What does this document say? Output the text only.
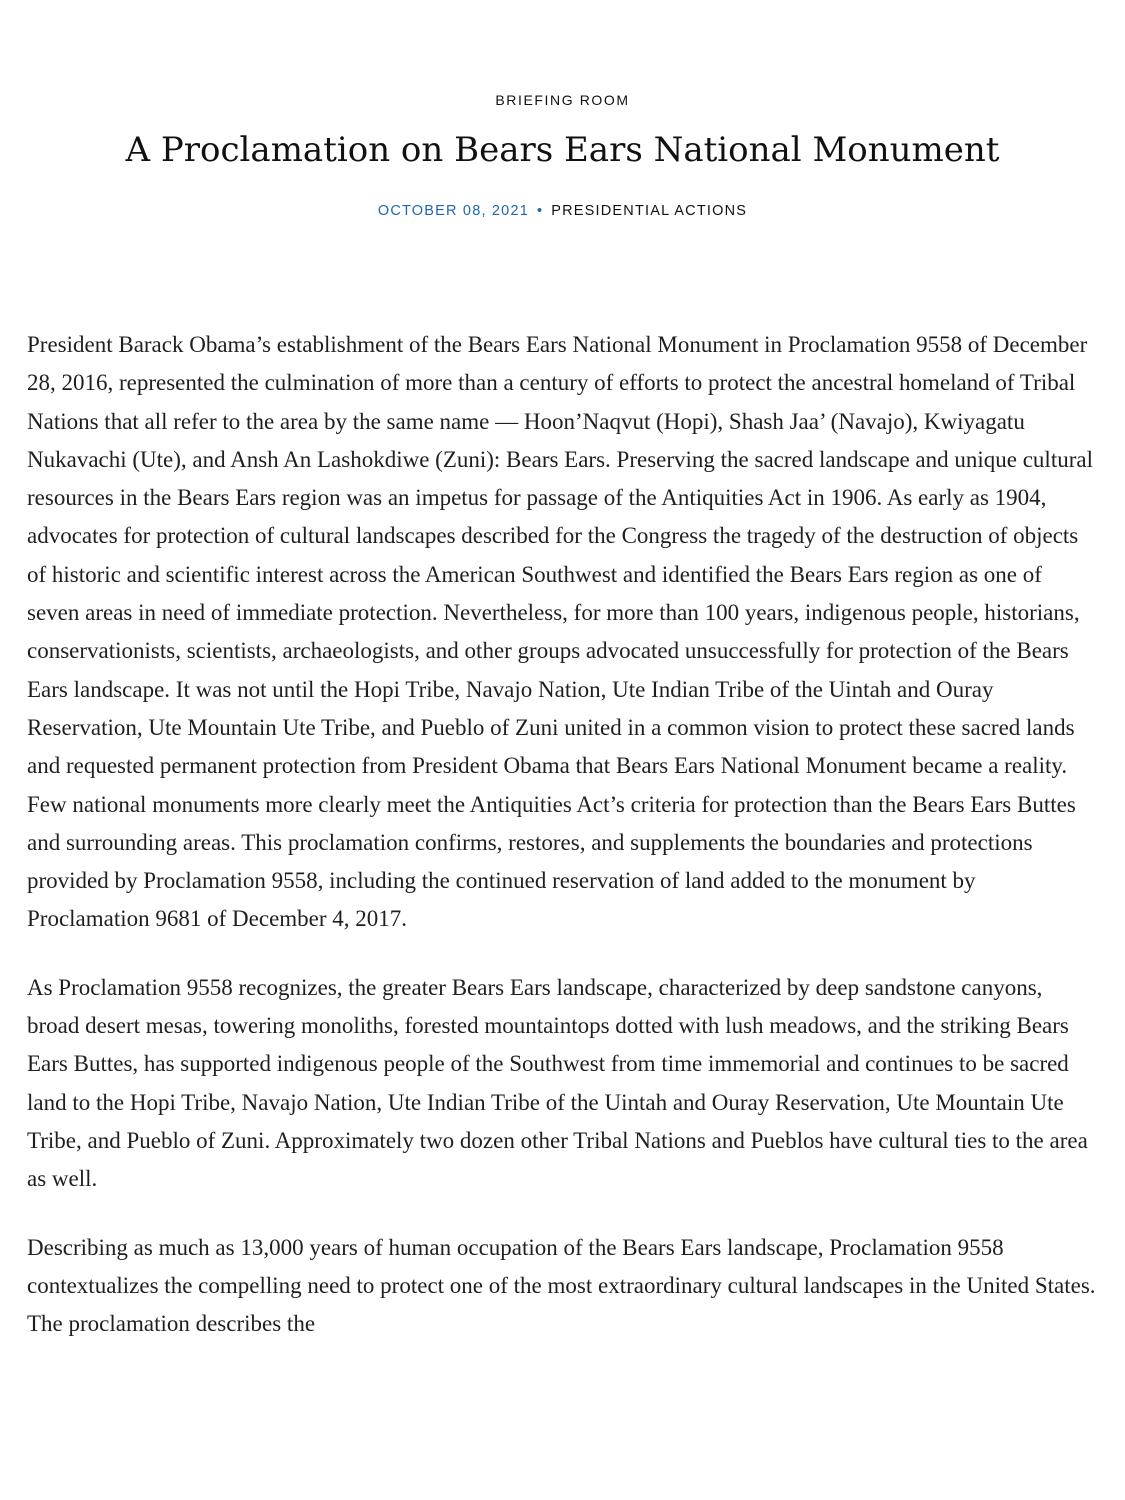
BRIEFING ROOM

A Proclamation on Bears Ears National Monument
OCTOBER 08, 2021 • PRESIDENTIAL ACTIONS

President Barack Obama’s establishment of the Bears Ears National Monument in Proclamation 9558 of December 28, 2016, represented the culmination of more than a century of efforts to protect the ancestral homeland of Tribal Nations that all refer to the area by the same name — Hoon’Naqvut (Hopi), Shash Jaa’ (Navajo), Kwiyagatu Nukavachi (Ute), and Ansh An Lashokdiwe (Zuni): Bears Ears. Preserving the sacred landscape and unique cultural resources in the Bears Ears region was an impetus for passage of the Antiquities Act in 1906. As early as 1904, advocates for protection of cultural landscapes described for the Congress the tragedy of the destruction of objects of historic and scientific interest across the American Southwest and identified the Bears Ears region as one of seven areas in need of immediate protection. Nevertheless, for more than 100 years, indigenous people, historians, conservationists, scientists, archaeologists, and other groups advocated unsuccessfully for protection of the Bears Ears landscape. It was not until the Hopi Tribe, Navajo Nation, Ute Indian Tribe of the Uintah and Ouray Reservation, Ute Mountain Ute Tribe, and Pueblo of Zuni united in a common vision to protect these sacred lands and requested permanent protection from President Obama that Bears Ears National Monument became a reality. Few national monuments more clearly meet the Antiquities Act’s criteria for protection than the Bears Ears Buttes and surrounding areas. This proclamation confirms, restores, and supplements the boundaries and protections provided by Proclamation 9558, including the continued reservation of land added to the monument by Proclamation 9681 of December 4, 2017.

As Proclamation 9558 recognizes, the greater Bears Ears landscape, characterized by deep sandstone canyons, broad desert mesas, towering monoliths, forested mountaintops dotted with lush meadows, and the striking Bears Ears Buttes, has supported indigenous people of the Southwest from time immemorial and continues to be sacred land to the Hopi Tribe, Navajo Nation, Ute Indian Tribe of the Uintah and Ouray Reservation, Ute Mountain Ute Tribe, and Pueblo of Zuni. Approximately two dozen other Tribal Nations and Pueblos have cultural ties to the area as well.

Describing as much as 13,000 years of human occupation of the Bears Ears landscape, Proclamation 9558 contextualizes the compelling need to protect one of the most extraordinary cultural landscapes in the United States. The proclamation describes the
